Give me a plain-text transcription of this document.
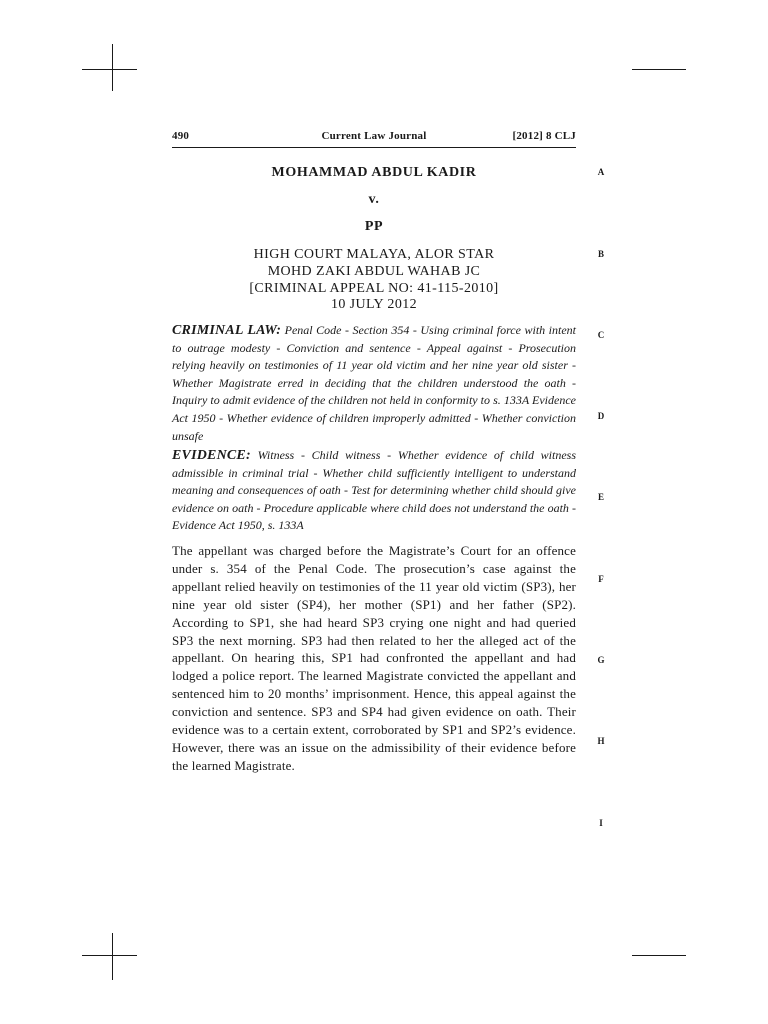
490	Current Law Journal	[2012] 8 CLJ
MOHAMMAD ABDUL KADIR
v.
PP
HIGH COURT MALAYA, ALOR STAR
MOHD ZAKI ABDUL WAHAB JC
[CRIMINAL APPEAL NO: 41-115-2010]
10 JULY 2012
CRIMINAL LAW: Penal Code - Section 354 - Using criminal force with intent to outrage modesty - Conviction and sentence - Appeal against - Prosecution relying heavily on testimonies of 11 year old victim and her nine year old sister - Whether Magistrate erred in deciding that the children understood the oath - Inquiry to admit evidence of the children not held in conformity to s. 133A Evidence Act 1950 - Whether evidence of children improperly admitted - Whether conviction unsafe
EVIDENCE: Witness - Child witness - Whether evidence of child witness admissible in criminal trial - Whether child sufficiently intelligent to understand meaning and consequences of oath - Test for determining whether child should give evidence on oath - Procedure applicable where child does not understand the oath - Evidence Act 1950, s. 133A
The appellant was charged before the Magistrate’s Court for an offence under s. 354 of the Penal Code. The prosecution’s case against the appellant relied heavily on testimonies of the 11 year old victim (SP3), her nine year old sister (SP4), her mother (SP1) and her father (SP2). According to SP1, she had heard SP3 crying one night and had queried SP3 the next morning. SP3 had then related to her the alleged act of the appellant. On hearing this, SP1 had confronted the appellant and had lodged a police report. The learned Magistrate convicted the appellant and sentenced him to 20 months’ imprisonment. Hence, this appeal against the conviction and sentence. SP3 and SP4 had given evidence on oath. Their evidence was to a certain extent, corroborated by SP1 and SP2’s evidence. However, there was an issue on the admissibility of their evidence before the learned Magistrate.
A
B
C
D
E
F
G
H
I
